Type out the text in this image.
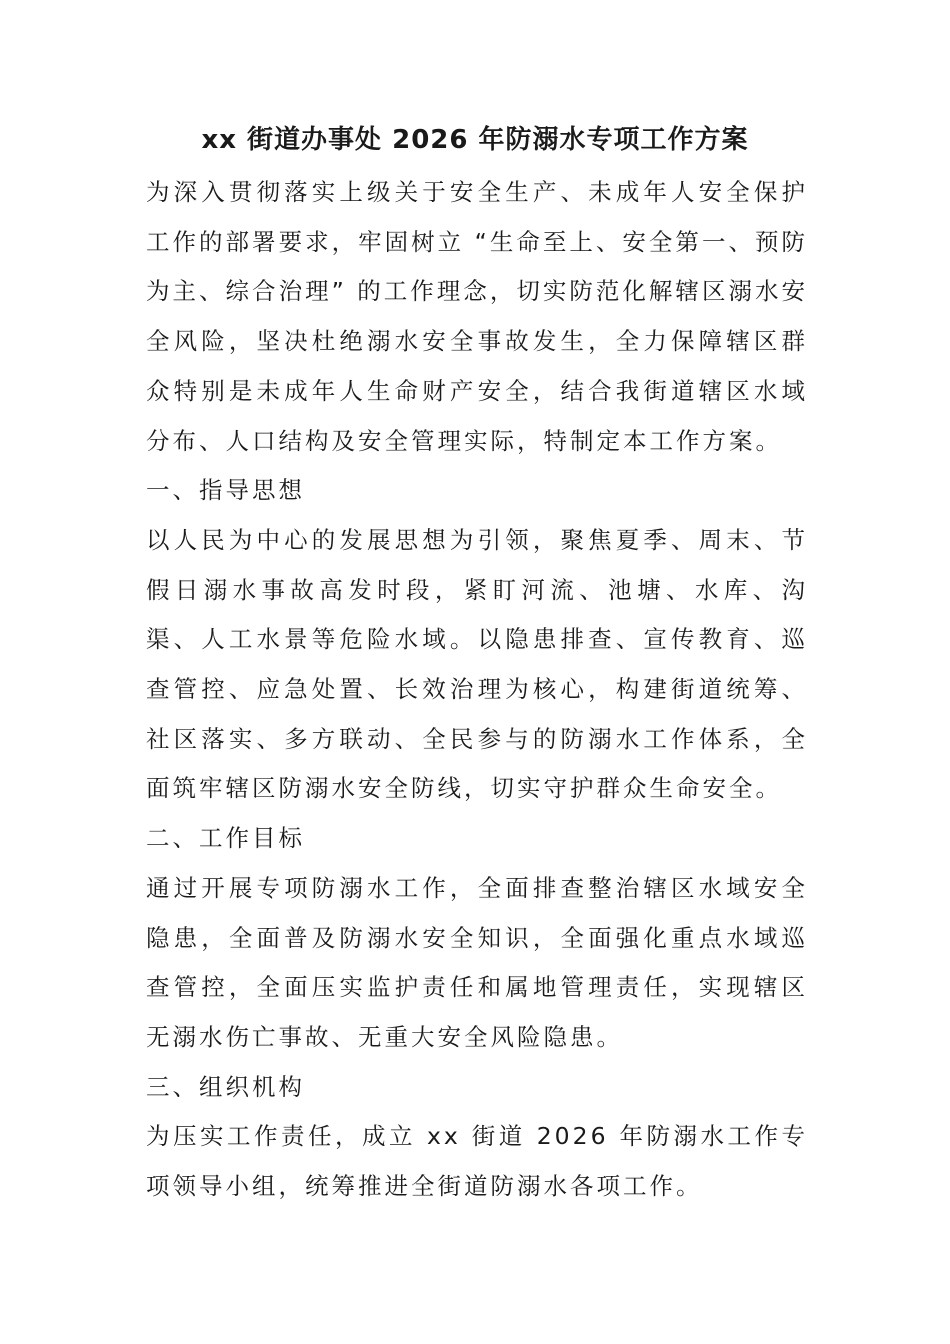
xx 街道办事处 2026 年防溺水专项工作方案

为深入贯彻落实上级关于安全生产、未成年人安全保护工作的部署要求，牢固树立 “生命至上、安全第一、预防为主、综合治理” 的工作理念，切实防范化解辖区溺水安全风险，坚决杜绝溺水安全事故发生，全力保障辖区群众特别是未成年人生命财产安全，结合我街道辖区水域分布、人口结构及安全管理实际，特制定本工作方案。

一、指导思想

以人民为中心的发展思想为引领，聚焦夏季、周末、节假日溺水事故高发时段，紧盯河流、池塘、水库、沟渠、人工水景等危险水域。以隐患排查、宣传教育、巡查管控、应急处置、长效治理为核心，构建街道统筹、社区落实、多方联动、全民参与的防溺水工作体系，全面筑牢辖区防溺水安全防线，切实守护群众生命安全。

二、工作目标

通过开展专项防溺水工作，全面排查整治辖区水域安全隐患，全面普及防溺水安全知识，全面强化重点水域巡查管控，全面压实监护责任和属地管理责任，实现辖区无溺水伤亡事故、无重大安全风险隐患。

三、组织机构

为压实工作责任，成立 xx 街道 2026 年防溺水工作专项领导小组，统筹推进全街道防溺水各项工作。
